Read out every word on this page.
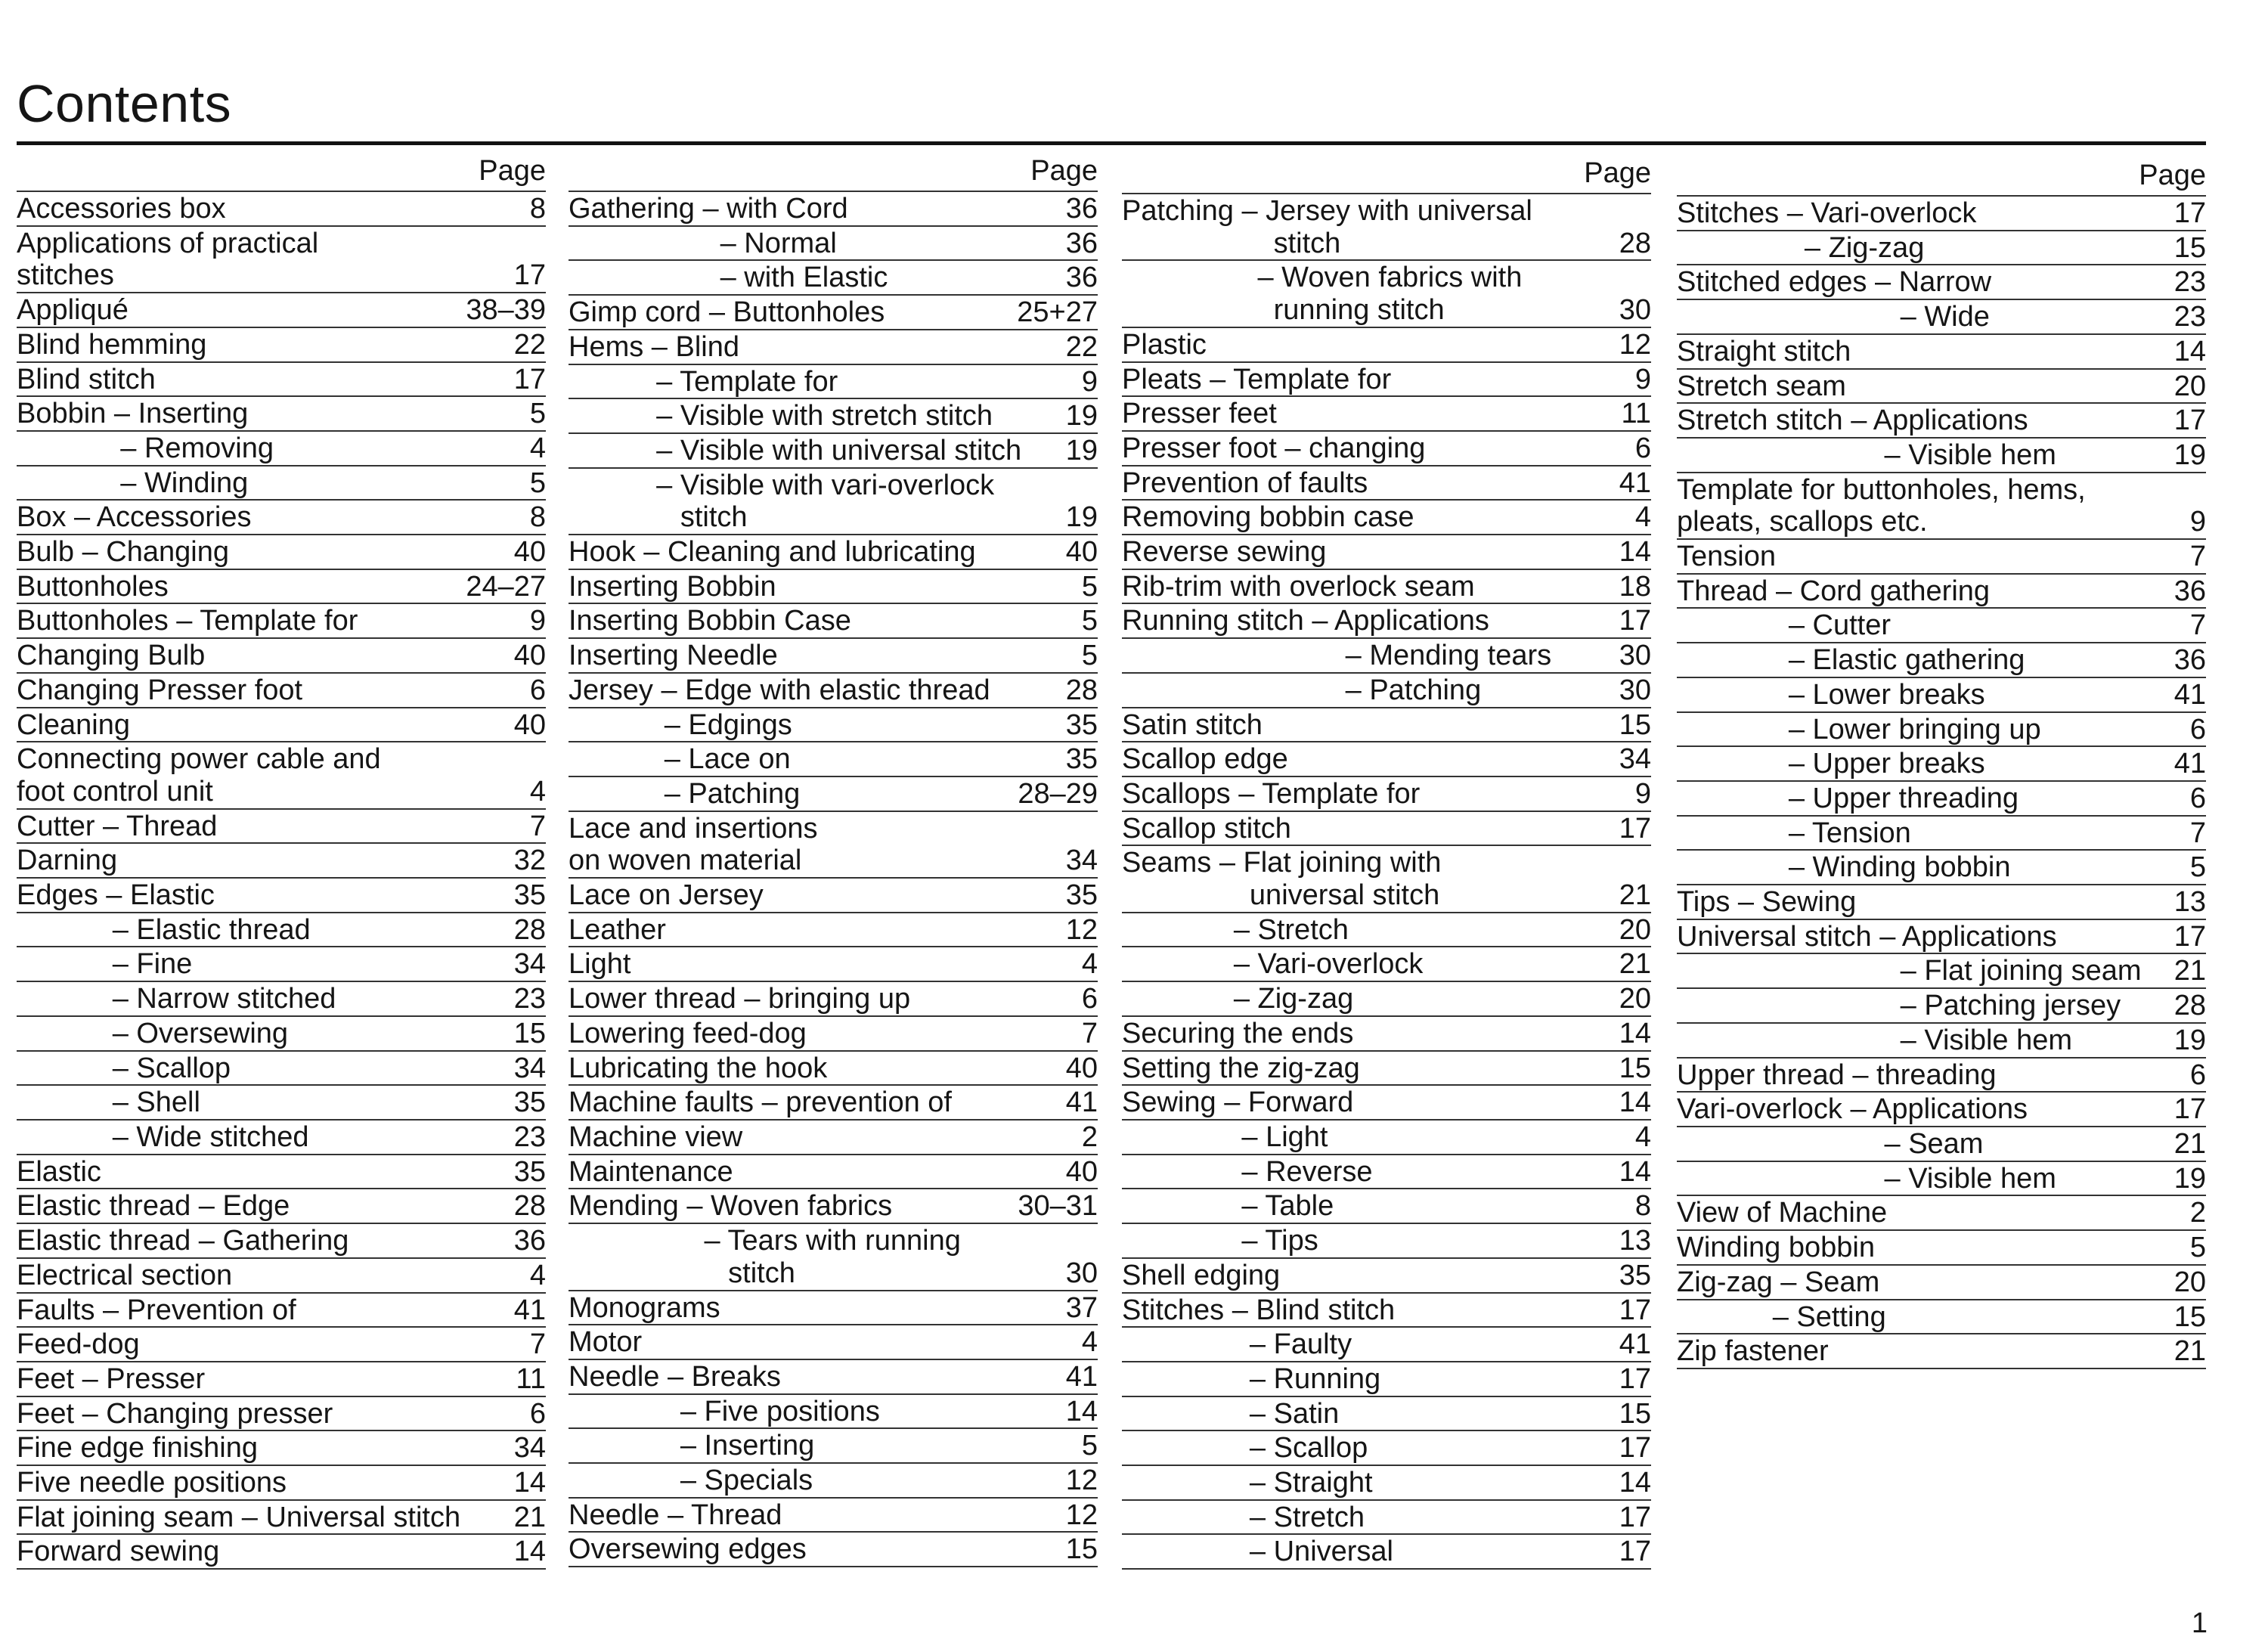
Contents
Page
Accessories box	8
Applications of practical
stitches	17
Appliqué	38–39
Blind hemming	22
Blind stitch	17
Bobbin – Inserting	5
– Removing	4
– Winding	5
Box – Accessories	8
Bulb – Changing	40
Buttonholes	24–27
Buttonholes – Template for	9
Changing Bulb	40
Changing Presser foot	6
Cleaning	40
Connecting power cable and
foot control unit	4
Cutter – Thread	7
Darning	32
Edges – Elastic	35
– Elastic thread	28
– Fine	34
– Narrow stitched	23
– Oversewing	15
– Scallop	34
– Shell	35
– Wide stitched	23
Elastic	35
Elastic thread – Edge	28
Elastic thread – Gathering	36
Electrical section	4
Faults – Prevention of	41
Feed-dog	7
Feet – Presser	11
Feet – Changing presser	6
Fine edge finishing	34
Five needle positions	14
Flat joining seam – Universal stitch	21
Forward sewing	14
Page
Gathering – with Cord	36
– Normal	36
– with Elastic	36
Gimp cord – Buttonholes	25+27
Hems – Blind	22
– Template for	9
– Visible with stretch stitch	19
– Visible with universal stitch	19
– Visible with vari-overlock
stitch	19
Hook – Cleaning and lubricating	40
Inserting Bobbin	5
Inserting Bobbin Case	5
Inserting Needle	5
Jersey – Edge with elastic thread	28
– Edgings	35
– Lace on	35
– Patching	28–29
Lace and insertions
on woven material	34
Lace on Jersey	35
Leather	12
Light	4
Lower thread – bringing up	6
Lowering feed-dog	7
Lubricating the hook	40
Machine faults – prevention of	41
Machine view	2
Maintenance	40
Mending – Woven fabrics	30–31
– Tears with running
stitch	30
Monograms	37
Motor	4
Needle – Breaks	41
– Five positions	14
– Inserting	5
– Specials	12
Needle – Thread	12
Oversewing edges	15
Page
Patching – Jersey with universal
stitch	28
– Woven fabrics with
running stitch	30
Plastic	12
Pleats – Template for	9
Presser feet	11
Presser foot – changing	6
Prevention of faults	41
Removing bobbin case	4
Reverse sewing	14
Rib-trim with overlock seam	18
Running stitch – Applications	17
– Mending tears	30
– Patching	30
Satin stitch	15
Scallop edge	34
Scallops – Template for	9
Scallop stitch	17
Seams – Flat joining with
universal stitch	21
– Stretch	20
– Vari-overlock	21
– Zig-zag	20
Securing the ends	14
Setting the zig-zag	15
Sewing – Forward	14
– Light	4
– Reverse	14
– Table	8
– Tips	13
Shell edging	35
Stitches – Blind stitch	17
– Faulty	41
– Running	17
– Satin	15
– Scallop	17
– Straight	14
– Stretch	17
– Universal	17
Page
Stitches – Vari-overlock	17
– Zig-zag	15
Stitched edges – Narrow	23
– Wide	23
Straight stitch	14
Stretch seam	20
Stretch stitch – Applications	17
– Visible hem	19
Template for buttonholes, hems,
pleats, scallops etc.	9
Tension	7
Thread – Cord gathering	36
– Cutter	7
– Elastic gathering	36
– Lower breaks	41
– Lower bringing up	6
– Upper breaks	41
– Upper threading	6
– Tension	7
– Winding bobbin	5
Tips – Sewing	13
Universal stitch – Applications	17
– Flat joining seam	21
– Patching jersey	28
– Visible hem	19
Upper thread – threading	6
Vari-overlock – Applications	17
– Seam	21
– Visible hem	19
View of Machine	2
Winding bobbin	5
Zig-zag – Seam	20
– Setting	15
Zip fastener	21
1
